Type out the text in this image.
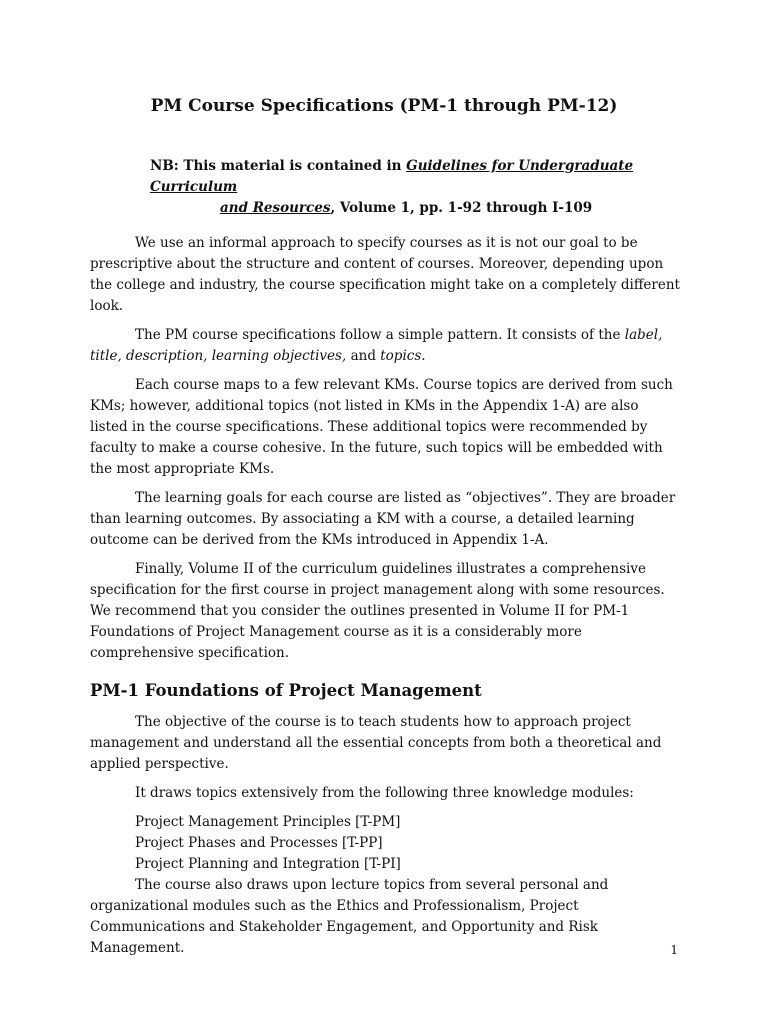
PM Course Specifications (PM-1 through PM-12)
NB: This material is contained in Guidelines for Undergraduate Curriculum
and Resources, Volume 1, pp. 1-92 through I-109

We use an informal approach to specify courses as it is not our goal to be prescriptive about the structure and content of courses. Moreover, depending upon the college and industry, the course specification might take on a completely different look.

The PM course specifications follow a simple pattern. It consists of the label, title, description, learning objectives, and topics.

Each course maps to a few relevant KMs. Course topics are derived from such KMs; however, additional topics (not listed in KMs in the Appendix 1-A) are also listed in the course specifications. These additional topics were recommended by faculty to make a course cohesive. In the future, such topics will be embedded with the most appropriate KMs.

The learning goals for each course are listed as “objectives”. They are broader than learning outcomes. By associating a KM with a course, a detailed learning outcome can be derived from the KMs introduced in Appendix 1-A.

Finally, Volume II of the curriculum guidelines illustrates a comprehensive specification for the first course in project management along with some resources. We recommend that you consider the outlines presented in Volume II for PM-1 Foundations of Project Management course as it is a considerably more comprehensive specification.

PM-1 Foundations of Project Management

The objective of the course is to teach students how to approach project management and understand all the essential concepts from both a theoretical and applied perspective.

It draws topics extensively from the following three knowledge modules:

Project Management Principles [T-PM]
Project Phases and Processes [T-PP]
Project Planning and Integration [T-PI]

The course also draws upon lecture topics from several personal and organizational modules such as the Ethics and Professionalism, Project Communications and Stakeholder Engagement, and Opportunity and Risk Management.	1
